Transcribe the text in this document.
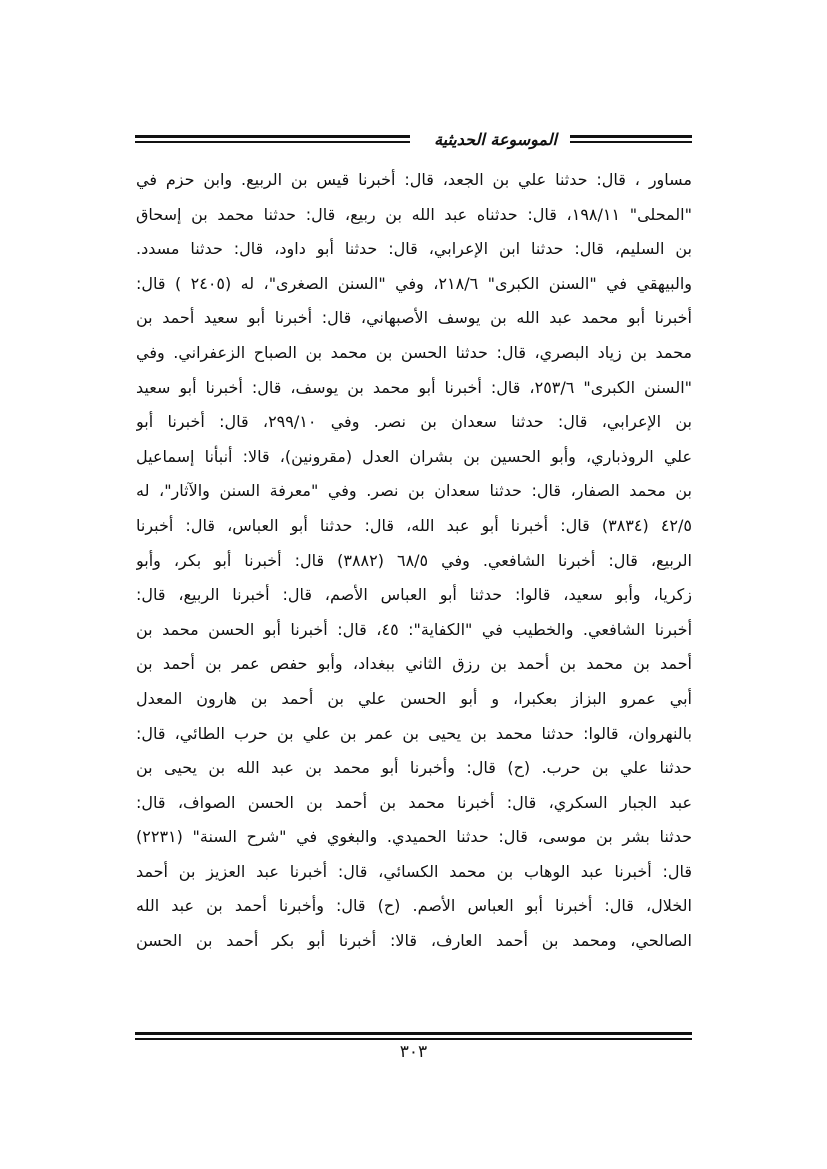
الموسوعة الحديثية
مساور ، قال: حدثنا علي بن الجعد، قال: أخبرنا قيس بن الربيع. وابن حزم في
"المحلى" ١٩٨/١١، قال: حدثناه عبد الله بن ربيع، قال: حدثنا محمد بن إسحاق
بن السليم، قال: حدثنا ابن الإعرابي، قال: حدثنا أبو داود، قال: حدثنا مسدد.
والبيهقي في "السنن الكبرى" ٢١٨/٦، وفي "السنن الصغرى"، له (٢٤٠٥ ) قال:
أخبرنا أبو محمد عبد الله بن يوسف الأصبهاني، قال: أخبرنا أبو سعيد أحمد بن
محمد بن زياد البصري، قال: حدثنا الحسن بن محمد بن الصباح الزعفراني. وفي
"السنن الكبرى" ٢٥٣/٦، قال: أخبرنا أبو محمد بن يوسف، قال: أخبرنا أبو سعيد
بن الإعرابي، قال: حدثنا سعدان بن نصر. وفي ٢٩٩/١٠، قال: أخبرنا أبو
علي الروذباري، وأبو الحسين بن بشران العدل (مقرونين)، قالا: أنبأنا إسماعيل
بن محمد الصفار، قال: حدثنا سعدان بن نصر. وفي "معرفة السنن والآثار"، له
٤٢/٥ (٣٨٣٤) قال: أخبرنا أبو عبد الله، قال: حدثنا أبو العباس، قال: أخبرنا
الربيع، قال: أخبرنا الشافعي. وفي ٦٨/٥ (٣٨٨٢) قال: أخبرنا أبو بكر، وأبو
زكريا، وأبو سعيد، قالوا: حدثنا أبو العباس الأصم، قال: أخبرنا الربيع، قال:
أخبرنا الشافعي. والخطيب في "الكفاية": ٤٥، قال: أخبرنا أبو الحسن محمد بن
أحمد بن محمد بن أحمد بن رزق الثاني ببغداد، وأبو حفص عمر بن أحمد بن
أبي عمرو البزاز بعكبرا، و أبو الحسن علي بن أحمد بن هارون المعدل
بالنهروان، قالوا: حدثنا محمد بن يحيى بن عمر بن علي بن حرب الطائي، قال:
حدثنا علي بن حرب. (ح) قال: وأخبرنا أبو محمد بن عبد الله بن يحيى بن
عبد الجبار السكري، قال: أخبرنا محمد بن أحمد بن الحسن الصواف، قال:
حدثنا بشر بن موسى، قال: حدثنا الحميدي. والبغوي في "شرح السنة" (٢٢٣١)
قال: أخبرنا عبد الوهاب بن محمد الكسائي، قال: أخبرنا عبد العزيز بن أحمد
الخلال، قال: أخبرنا أبو العباس الأصم. (ح) قال: وأخبرنا أحمد بن عبد الله
الصالحي، ومحمد بن أحمد العارف، قالا: أخبرنا أبو بكر أحمد بن الحسن
٣٠٣
